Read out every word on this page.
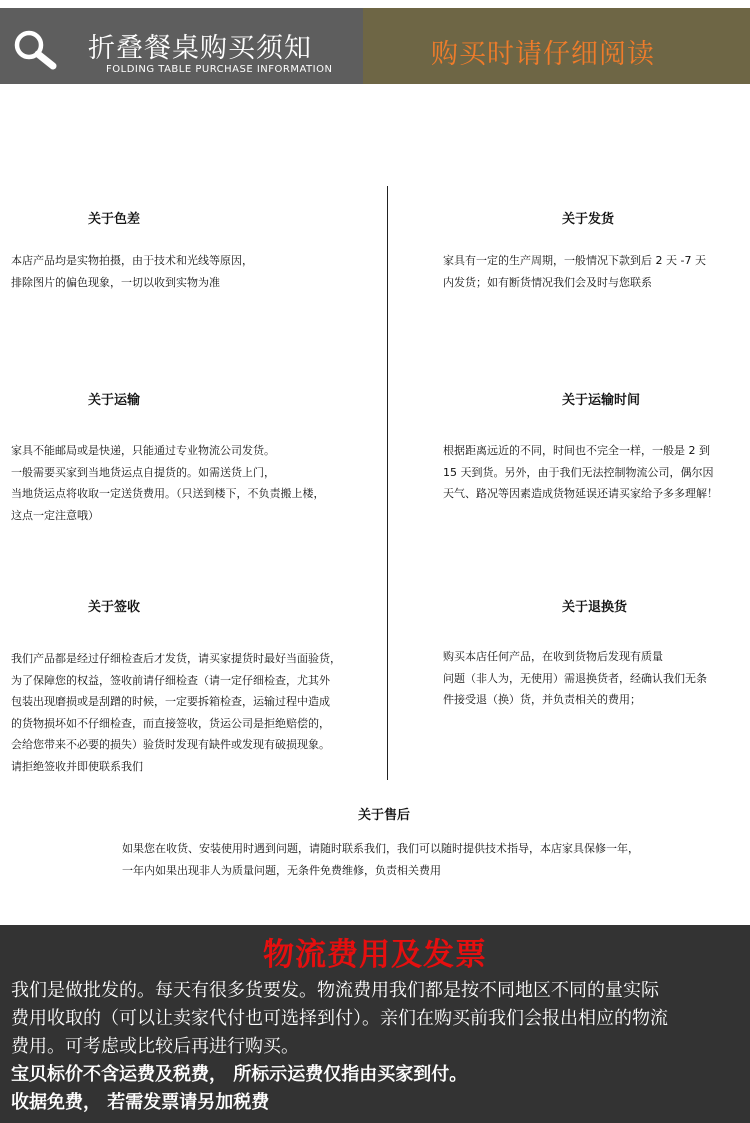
折叠餐桌购买须知
FOLDING TABLE PURCHASE INFORMATION	购买时请仔细阅读
关于色差

本店产品均是实物拍摄，由于技术和光线等原因，

排除图片的偏色现象，一切以收到实物为准

关于发货

家具有一定的生产周期，一般情况下款到后 2 天 -7 天

内发货；如有断货情况我们会及时与您联系

关于运输

家具不能邮局或是快递，只能通过专业物流公司发货。

一般需要买家到当地货运点自提货的。如需送货上门，

当地货运点将收取一定送货费用。（只送到楼下，不负责搬上楼，

这点一定注意哦）

关于运输时间

根据距离远近的不同，时间也不完全一样，一般是 2 到

15 天到货。另外，由于我们无法控制物流公司，偶尔因

天气、路况等因素造成货物延误还请买家给予多多理解！

关于签收

我们产品都是经过仔细检查后才发货，请买家提货时最好当面验货，

为了保障您的权益，签收前请仔细检查（请一定仔细检查，尤其外

包装出现磨损或是刮蹭的时候，一定要拆箱检查，运输过程中造成

的货物损坏如不仔细检查，而直接签收，货运公司是拒绝赔偿的，

会给您带来不必要的损失）验货时发现有缺件或发现有破损现象。

请拒绝签收并即使联系我们

关于退换货

购买本店任何产品，在收到货物后发现有质量

问题（非人为，无使用）需退换货者，经确认我们无条

件接受退（换）货，并负责相关的费用；

关于售后

如果您在收货、安装使用时遇到问题，请随时联系我们，我们可以随时提供技术指导，本店家具保修一年，

一年内如果出现非人为质量问题，无条件免费维修，负责相关费用

物流费用及发票

我们是做批发的。每天有很多货要发。物流费用我们都是按不同地区不同的量实际

费用收取的（可以让卖家代付也可选择到付）。亲们在购买前我们会报出相应的物流

费用。可考虑或比较后再进行购买。

宝贝标价不含运费及税费， 所标示运费仅指由买家到付。

收据免费， 若需发票请另加税费
